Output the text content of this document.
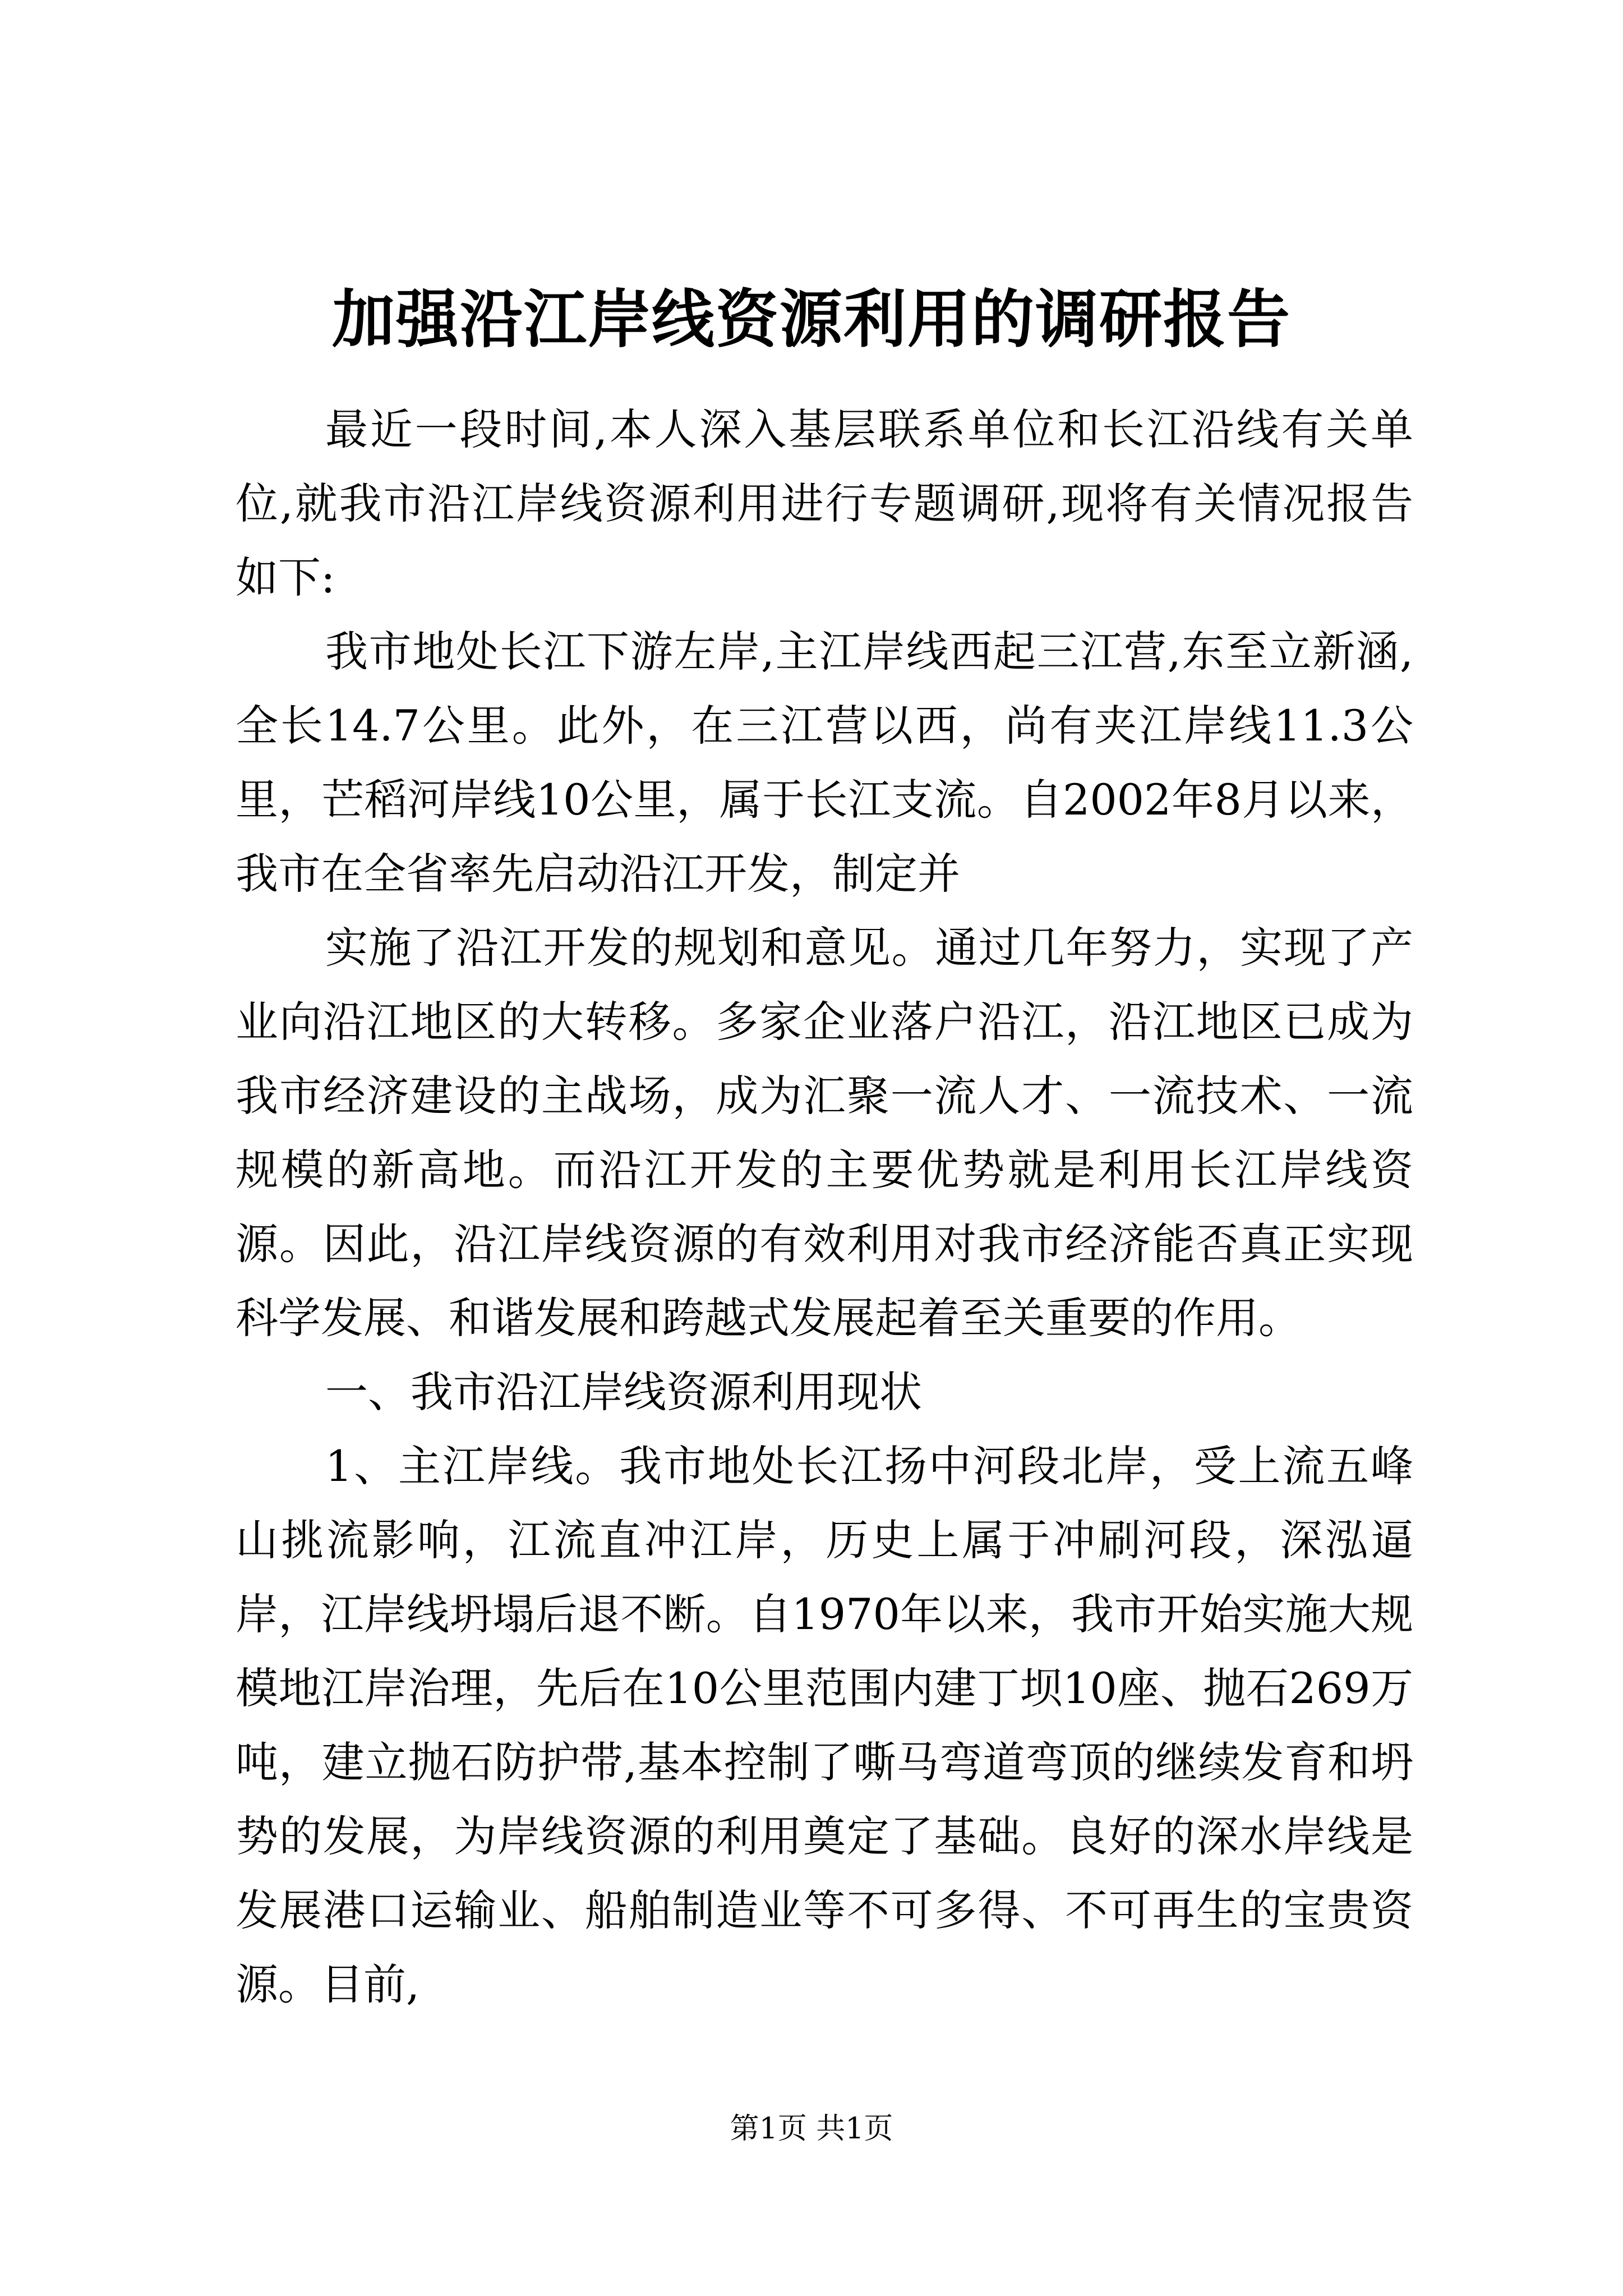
加强沿江岸线资源利用的调研报告

最近一段时间,本人深入基层联系单位和长江沿线有关单位,就我市沿江岸线资源利用进行专题调研,现将有关情况报告如下:

我市地处长江下游左岸,主江岸线西起三江营,东至立新涵,全长14.7公里。此外，在三江营以西，尚有夹江岸线11.3公里，芒稻河岸线10公里，属于长江支流。自2002年8月以来，我市在全省率先启动沿江开发，制定并

实施了沿江开发的规划和意见。通过几年努力，实现了产业向沿江地区的大转移。多家企业落户沿江，沿江地区已成为我市经济建设的主战场，成为汇聚一流人才、一流技术、一流规模的新高地。而沿江开发的主要优势就是利用长江岸线资源。因此，沿江岸线资源的有效利用对我市经济能否真正实现科学发展、和谐发展和跨越式发展起着至关重要的作用。

一、我市沿江岸线资源利用现状

1、主江岸线。我市地处长江扬中河段北岸，受上流五峰山挑流影响，江流直冲江岸，历史上属于冲刷河段，深泓逼岸，江岸线坍塌后退不断。自1970年以来，我市开始实施大规模地江岸治理，先后在10公里范围内建丁坝10座、抛石269万吨，建立抛石防护带,基本控制了嘶马弯道弯顶的继续发育和坍势的发展，为岸线资源的利用奠定了基础。良好的深水岸线是发展港口运输业、船舶制造业等不可多得、不可再生的宝贵资源。目前,

第1页 共1页
